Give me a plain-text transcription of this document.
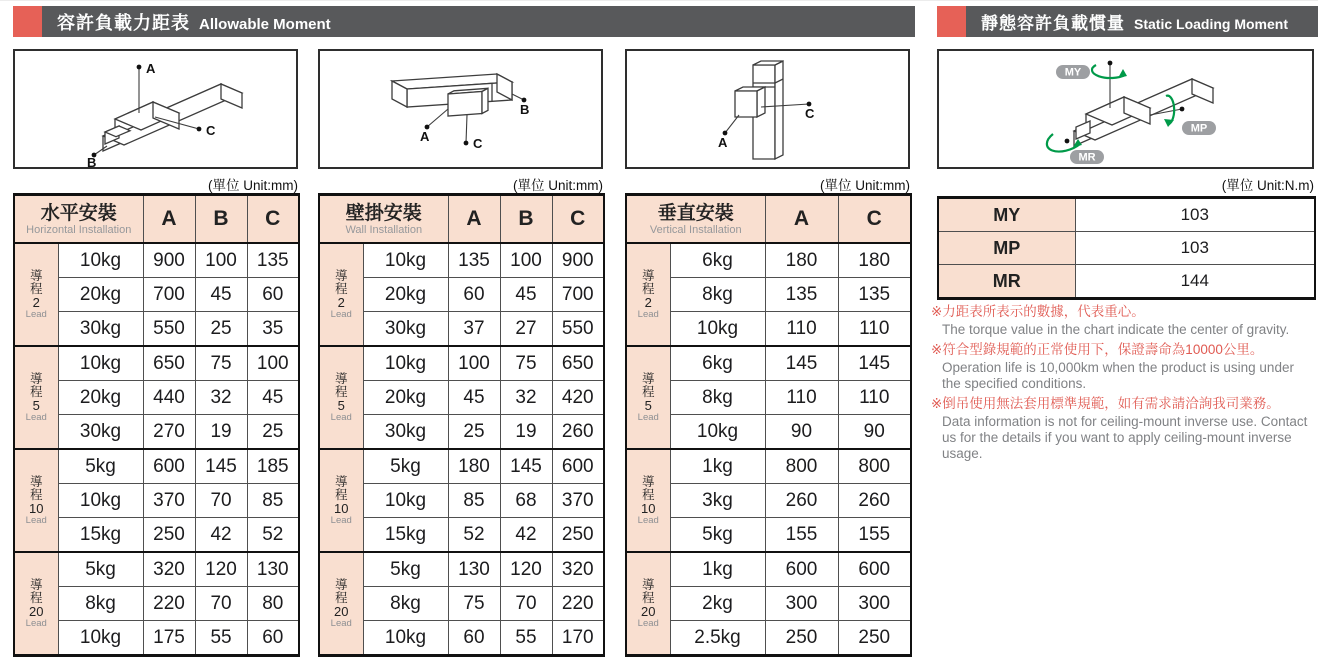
容許負載力距表 Allowable Moment	靜態容許負載慣量 Static Loading Moment
A
B
C	A
B
C	A
C
MY
MP
MR
(單位 Unit:mm)	(單位 Unit:mm)	(單位 Unit:mm)	(單位 Unit:N.m)
水平安裝
Horizontal Installation		A	B	C

導
程
2
Lead	10kg	900	100	135
	20kg	700	45	60
	30kg	550	25	35

導
程
5
Lead	10kg	650	75	100
	20kg	440	32	45
	30kg	270	19	25

導
程
10
Lead	5kg	600	145	185
	10kg	370	70	85
	15kg	250	42	52

導
程
20
Lead	5kg	320	120	130
	8kg	220	70	80
	10kg	175	55	60
壁掛安裝
Wall Installation		A	B	C

導
程
2
Lead	10kg	135	100	900
	20kg	60	45	700
	30kg	37	27	550

導
程
5
Lead	10kg	100	75	650
	20kg	45	32	420
	30kg	25	19	260

導
程
10
Lead	5kg	180	145	600
	10kg	85	68	370
	15kg	52	42	250

導
程
20
Lead	5kg	130	120	320
	8kg	75	70	220
	10kg	60	55	170
垂直安裝
Vertical Installation		A	C

導
程
2
Lead	6kg	180	180
	8kg	135	135
	10kg	110	110

導
程
5
Lead	6kg	145	145
	8kg	110	110
	10kg	90	90

導
程
10
Lead	1kg	800	800
	3kg	260	260
	5kg	155	155

導
程
20
Lead	1kg	600	600
	2kg	300	300
	2.5kg	250	250
MY	103
MP	103
MR	144
※力距表所表示的數據，代表重心。
The torque value in the chart indicate the center of gravity.
※符合型錄規範的正常使用下，保證壽命為10000公里。
Operation life is 10,000km when the product is using under the specified conditions.
※倒吊使用無法套用標準規範，如有需求請洽詢我司業務。
Data information is not for ceiling-mount inverse use. Contact us for the details if you want to apply ceiling-mount inverse usage.
